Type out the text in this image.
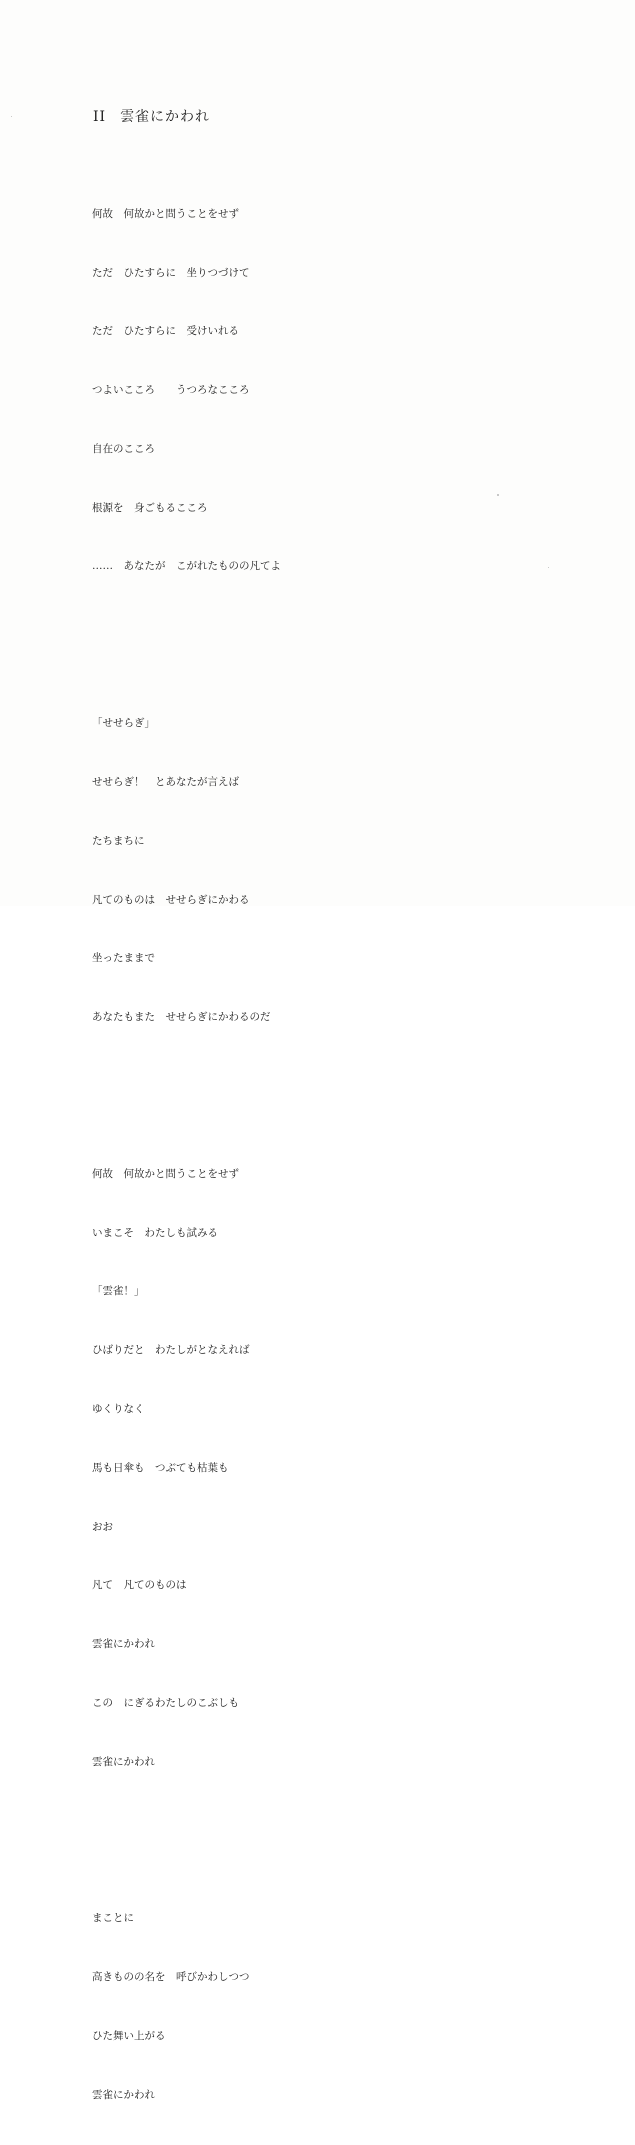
II 雲雀にかわれ

何故　何故かと問うことをせず

ただ　ひたすらに　坐りつづけて

ただ　ひたすらに　受けいれる

つよいこころ　　うつろなこころ

自在のこころ

根源を　身ごもるこころ

……　あなたが　こがれたものの凡てよ

「せせらぎ」

せせらぎ！　とあなたが言えば

たちまちに

凡てのものは　せせらぎにかわる

坐ったままで

あなたもまた　せせらぎにかわるのだ

何故　何故かと問うことをせず

いまこそ　わたしも試みる

「雲雀！」

ひばりだと　わたしがとなえれば

ゆくりなく

馬も日傘も　つぶても枯葉も

おお

凡て　凡てのものは

雲雀にかわれ

この　にぎるわたしのこぶしも

雲雀にかわれ

まことに

高きものの名を　呼びかわしつつ

ひた舞い上がる

雲雀にかわれ
